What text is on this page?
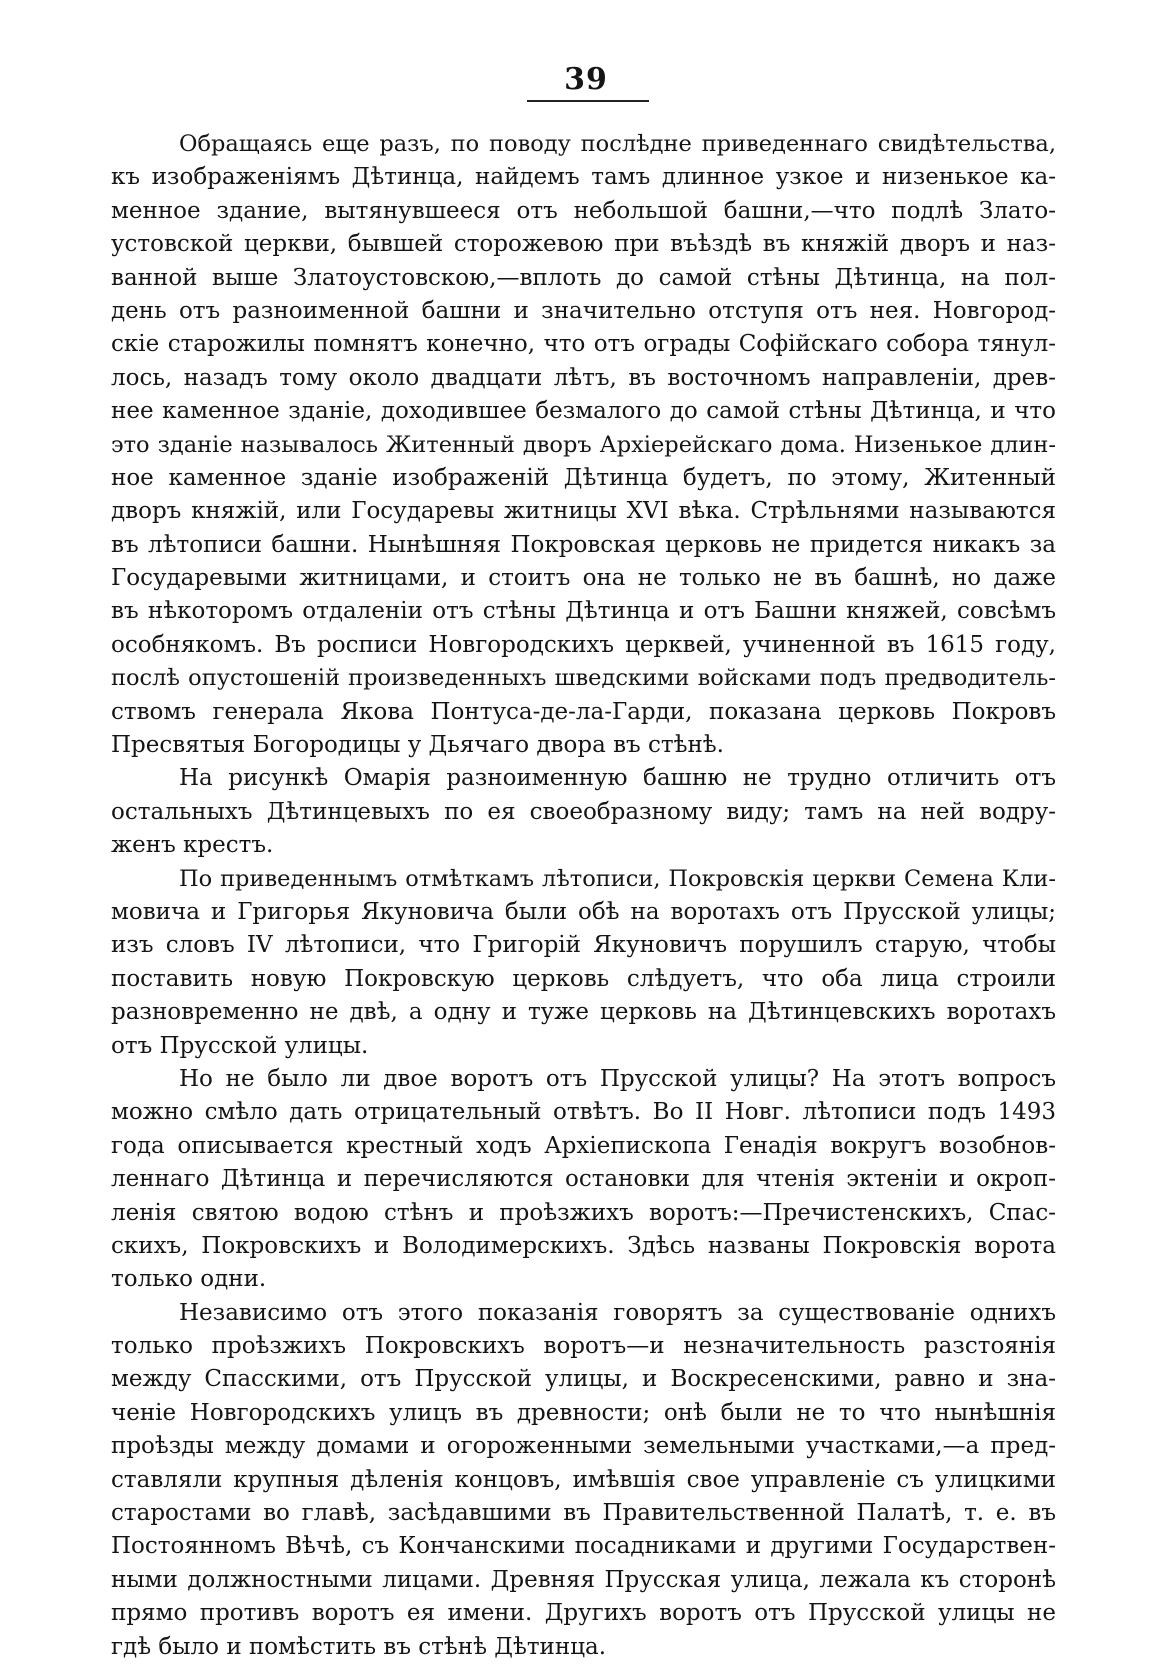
39
Обращаясь еще разъ, по поводу послѣдне приведеннаго свидѣтельства,
къ изображеніямъ Дѣтинца, найдемъ тамъ длинное узкое и низенькое ка-
менное здание, вытянувшееся отъ небольшой башни,—что подлѣ Злато-
устовской церкви, бывшей сторожевою при въѣздѣ въ княжій дворъ и наз-
ванной выше Златоустовскою,—вплоть до самой стѣны Дѣтинца, на пол-
день отъ разноименной башни и значительно отступя отъ нея. Новгород-
скіе старожилы помнятъ конечно, что отъ ограды Софійскаго собора тянул-
лось, назадъ тому около двадцати лѣтъ, въ восточномъ направленіи, древ-
нее каменное зданіе, доходившее безмалого до самой стѣны Дѣтинца, и что
это зданіе называлось Житенный дворъ Архіерейскаго дома. Низенькое длин-
ное каменное зданіе изображеній Дѣтинца будетъ, по этому, Житенный
дворъ княжій, или Государевы житницы XVI вѣка. Стрѣльнями называются
въ лѣтописи башни. Нынѣшняя Покровская церковь не придется никакъ за
Государевыми житницами, и стоитъ она не только не въ башнѣ, но даже
въ нѣкоторомъ отдаленіи отъ стѣны Дѣтинца и отъ Башни княжей, совсѣмъ
особнякомъ. Въ росписи Новгородскихъ церквей, учиненной въ 1615 году,
послѣ опустошеній произведенныхъ шведскими войсками подъ предводитель-
ствомъ генерала Якова Понтуса-де-ла-Гарди, показана церковь Покровъ
Пресвятыя Богородицы у Дьячаго двора въ стѣнѣ.
На рисункѣ Омарія разноименную башню не трудно отличить отъ
остальныхъ Дѣтинцевыхъ по ея своеобразному виду; тамъ на ней водру-
женъ крестъ.
По приведеннымъ отмѣткамъ лѣтописи, Покровскія церкви Семена Кли-
мовича и Григорья Якуновича были обѣ на воротахъ отъ Прусской улицы;
изъ словъ IV лѣтописи, что Григорій Якуновичъ порушилъ старую, чтобы
поставить новую Покровскую церковь слѣдуетъ, что оба лица строили
разновременно не двѣ, а одну и туже церковь на Дѣтинцевскихъ воротахъ
отъ Прусской улицы.
Но не было ли двое воротъ отъ Прусской улицы? На этотъ вопросъ
можно смѣло дать отрицательный отвѣтъ. Во II Новг. лѣтописи подъ 1493
года описывается крестный ходъ Архіепископа Генадія вокругъ возобнов-
леннаго Дѣтинца и перечисляются остановки для чтенія эктеніи и окроп-
ленія святою водою стѣнъ и проѣзжихъ воротъ:—Пречистенскихъ, Спас-
скихъ, Покровскихъ и Володимерскихъ. Здѣсь названы Покровскія ворота
только одни.
Независимо отъ этого показанія говорятъ за существованіе однихъ
только проѣзжихъ Покровскихъ воротъ—и незначительность разстоянія
между Спасскими, отъ Прусской улицы, и Воскресенскими, равно и зна-
ченіе Новгородскихъ улицъ въ древности; онѣ были не то что нынѣшнія
проѣзды между домами и огороженными земельными участками,—а пред-
ставляли крупныя дѣленія концовъ, имѣвшія свое управленіе съ улицкими
старостами во главѣ, засѣдавшими въ Правительственной Палатѣ, т. е. въ
Постоянномъ Вѣчѣ, съ Кончанскими посадниками и другими Государствен-
ными должностными лицами. Древняя Прусская улица, лежала къ сторонѣ
прямо противъ воротъ ея имени. Другихъ воротъ отъ Прусской улицы не
гдѣ было и помѣстить въ стѣнѣ Дѣтинца.
